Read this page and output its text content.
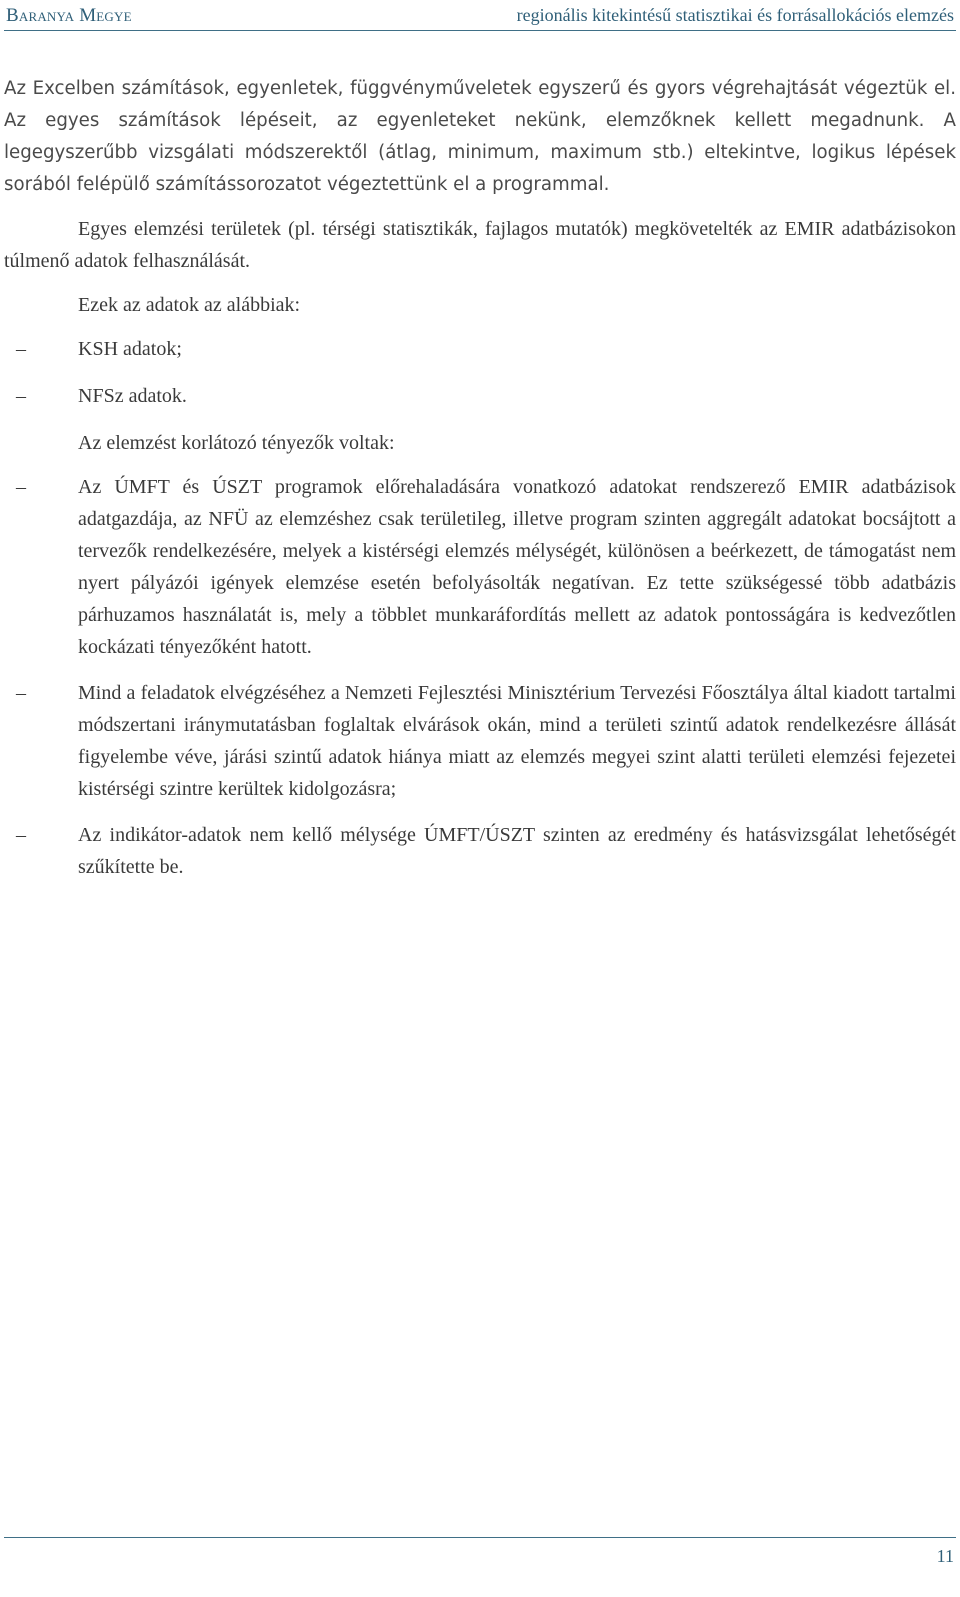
Baranya Megye	regionális kitekintésű statisztikai és forrásallokációs elemzés

Az Excelben számítások, egyenletek, függvényműveletek egyszerű és gyors végrehajtását végeztük el. Az egyes számítások lépéseit, az egyenleteket nekünk, elemzőknek kellett megadnunk. A legegyszerűbb vizsgálati módszerektől (átlag, minimum, maximum stb.) eltekintve, logikus lépések sorából felépülő számítássorozatot végeztettünk el a programmal.

Egyes elemzési területek (pl. térségi statisztikák, fajlagos mutatók) megkövetelték az EMIR adatbázisokon túlmenő adatok felhasználását.

Ezek az adatok az alábbiak:

–	KSH adatok;
–	NFSz adatok.

Az elemzést korlátozó tényezők voltak:

–	Az ÚMFT és ÚSZT programok előrehaladására vonatkozó adatokat rendszerező EMIR adatbázisok adatgazdája, az NFÜ az elemzéshez csak területileg, illetve program szinten aggregált adatokat bocsájtott a tervezők rendelkezésére, melyek a kistérségi elemzés mélységét, különösen a beérkezett, de támogatást nem nyert pályázói igények elemzése esetén befolyásolták negatívan. Ez tette szükségessé több adatbázis párhuzamos használatát is, mely a többlet munkaráfordítás mellett az adatok pontosságára is kedvezőtlen kockázati tényezőként hatott.
–	Mind a feladatok elvégzéséhez a Nemzeti Fejlesztési Minisztérium Tervezési Főosztálya által kiadott tartalmi módszertani iránymutatásban foglaltak elvárások okán, mind a területi szintű adatok rendelkezésre állását figyelembe véve, járási szintű adatok hiánya miatt az elemzés megyei szint alatti területi elemzési fejezetei kistérségi szintre kerültek kidolgozásra;
–	Az indikátor-adatok nem kellő mélysége ÚMFT/ÚSZT szinten az eredmény és hatásvizsgálat lehetőségét szűkítette be.
11
